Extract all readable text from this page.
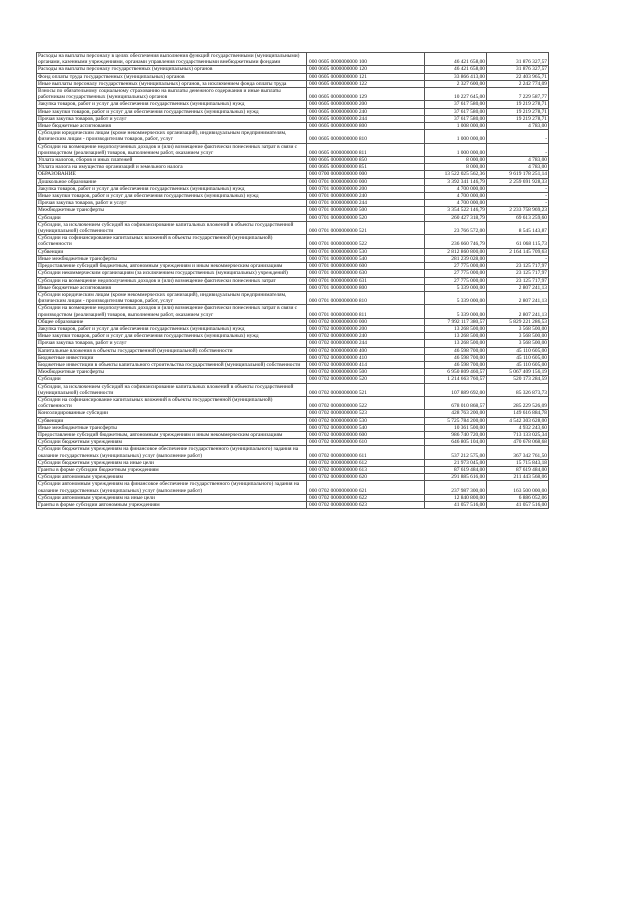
Расходы на выплаты персоналу в целях обеспечения выполнения функций государственными (муниципальными) органами, казенными учреждениями, органами управления государственными внебюджетными фондами	000 0605 0000000000 100	46 421 658,00	31 876 327,57
Расходы на выплаты персоналу государственных (муниципальных) органов	000 0605 0000000000 120	46 421 658,00	31 876 327,57
Фонд оплаты труда государственных (муниципальных) органов	000 0605 0000000000 121	33 866 413,00	22 403 965,71
Иные выплаты персоналу государственных (муниципальных) органов, за исключением фонда оплаты труда	000 0605 0000000000 122	2 327 600,00	2 242 774,09
Взносы по обязательному социальному страхованию на выплаты денежного содержания и иные выплаты работникам государственных (муниципальных) органов	000 0605 0000000000 129	10 227 645,00	7 229 587,77
Закупка товаров, работ и услуг для обеспечения государственных (муниципальных) нужд	000 0605 0000000000 200	37 617 580,00	19 219 278,71
Иные закупки товаров, работ и услуг для обеспечения государственных (муниципальных) нужд	000 0605 0000000000 240	37 617 580,00	19 219 278,71
Прочая закупка товаров, работ и услуг	000 0605 0000000000 244	37 617 580,00	19 219 278,71
Иные бюджетные ассигнования	000 0605 0000000000 800	1 008 000,00	4 783,00
Субсидии юридическим лицам (кроме некоммерческих организаций), индивидуальным предпринимателям, физическим лицам - производителям товаров, работ, услуг	000 0605 0000000000 810	1 000 000,00	-
Субсидии на возмещение недополученных доходов и (или) возмещение фактически понесенных затрат в связи с производством (реализацией) товаров, выполнением работ, оказанием услуг	000 0605 0000000000 811	1 000 000,00	-
Уплата налогов, сборов и иных платежей	000 0605 0000000000 850	8 000,00	4 783,00
Уплата налога на имущество организаций и земельного налога	000 0605 0000000000 851	8 000,00	4 783,00
ОБРАЗОВАНИЕ	000 0700 0000000000 000	13 522 025 562,36	9 619 178 251,14
Дошкольное образование	000 0701 0000000000 000	3 392 341 146,79	2 259 691 928,33
Закупка товаров, работ и услуг для обеспечения государственных (муниципальных) нужд	000 0701 0000000000 200	4 700 000,00	-
Иные закупки товаров, работ и услуг для обеспечения государственных (муниципальных) нужд	000 0701 0000000000 240	4 700 000,00	-
Прочая закупка товаров, работ и услуг	000 0701 0000000000 244	4 700 000,00	-
Межбюджетные трансферты	000 0701 0000000000 500	3 354 522 146,79	2 233 758 969,23
Субсидии	000 0701 0000000000 520	260 427 318,79	69 613 259,60
Субсидии, за исключением субсидий на софинансирование капитальных вложений в объекты государственной (муниципальной) собственности	000 0701 0000000000 521	23 766 572,00	8 545 143,87
Субсидии на софинансирование капитальных вложений в объекты государственной (муниципальной) собственности	000 0701 0000000000 522	236 660 746,79	61 068 115,73
Субвенции	000 0701 0000000000 530	2 812 860 800,00	2 164 145 709,63
Иные межбюджетные трансферты	000 0701 0000000000 540	281 239 028,00	-
Предоставление субсидий бюджетным, автономным учреждениям и иным некоммерческим организациям	000 0701 0000000000 600	27 775 000,00	23 125 717,97
Субсидии некоммерческим организациям (за исключением государственных (муниципальных) учреждений)	000 0701 0000000000 630	27 775 000,00	23 125 717,97
Субсидии на возмещение недополученных доходов и (или) возмещение фактически понесенных затрат	000 0701 0000000000 631	27 775 000,00	23 125 717,97
Иные бюджетные ассигнования	000 0701 0000000000 800	5 339 000,00	2 807 241,13
Субсидии юридическим лицам (кроме некоммерческих организаций), индивидуальным предпринимателям, физическим лицам - производителям товаров, работ, услуг	000 0701 0000000000 810	5 339 000,00	2 807 241,13
Субсидии на возмещение недополученных доходов и (или) возмещение фактически понесенных затрат в связи с производством (реализацией) товаров, выполнением работ, оказанием услуг	000 0701 0000000000 811	5 339 000,00	2 807 241,13
Общее образование	000 0702 0000000000 000	7 992 117 380,57	5 829 221 286,53
Закупка товаров, работ и услуг для обеспечения государственных (муниципальных) нужд	000 0702 0000000000 200	13 268 500,00	3 568 500,00
Иные закупки товаров, работ и услуг для обеспечения государственных (муниципальных) нужд	000 0702 0000000000 240	13 268 500,00	3 568 500,00
Прочая закупка товаров, работ и услуг	000 0702 0000000000 244	13 268 500,00	3 568 500,00
Капитальные вложения в объекты государственной (муниципальной) собственности	000 0702 0000000000 400	46 598 700,00	45 110 605,00
Бюджетные инвестиции	000 0702 0000000000 410	46 598 700,00	45 110 605,00
Бюджетные инвестиции в объекты капитального строительства государственной (муниципальной) собственности	000 0702 0000000000 414	46 598 700,00	45 110 605,00
Межбюджетные трансферты	000 0702 0000000000 500	6 950 809 460,57	5 067 409 156,19
Субсидии	000 0702 0000000000 520	1 214 663 760,57	520 173 284,59
Субсидии, за исключением субсидий на софинансирование капитальных вложений в объекты государственной (муниципальной) собственности	000 0702 0000000000 521	107 889 692,00	85 326 873,73
Субсидии на софинансирование капитальных вложений в объекты государственной (муниципальной) собственности	000 0702 0000000000 522	678 010 868,57	285 229 526,09
Консолидированные субсидии	000 0702 0000000000 523	428 763 200,00	149 616 884,78
Субвенции	000 0702 0000000000 530	5 725 784 200,00	4 542 303 628,00
Иные межбюджетные трансферты	000 0702 0000000000 540	10 361 500,00	4 932 243,60
Предоставление субсидий бюджетным, автономным учреждениям и иным некоммерческим организациям	000 0702 0000000000 600	986 740 720,00	713 133 025,34
Субсидии бюджетным учреждениям	000 0702 0000000000 610	646 805 104,00	470 678 068,68
Субсидии бюджетным учреждениям на финансовое обеспечение государственного (муниципального) задания на оказание государственных (муниципальных) услуг (выполнение работ)	000 0702 0000000000 611	537 212 575,00	367 342 761,50
Субсидии бюджетным учреждениям на иные цели	000 0702 0000000000 612	21 973 045,00	15 715 843,18
Гранты в форме субсидии бюджетным учреждениям	000 0702 0000000000 613	87 619 484,00	87 619 484,00
Субсидии автономным учреждениям	000 0702 0000000000 620	291 885 616,00	211 443 568,06
Субсидии автономным учреждениям на финансовое обеспечение государственного (муниципального) задания на оказание государственных (муниципальных) услуг (выполнение работ)	000 0702 0000000000 621	237 987 300,00	163 500 000,00
Субсидии автономным учреждениям на иные цели	000 0702 0000000000 622	12 840 800,00	6 886 052,06
Гранты в форме субсидии автономным учреждениям	000 0702 0000000000 623	41 057 516,00	41 057 516,00
